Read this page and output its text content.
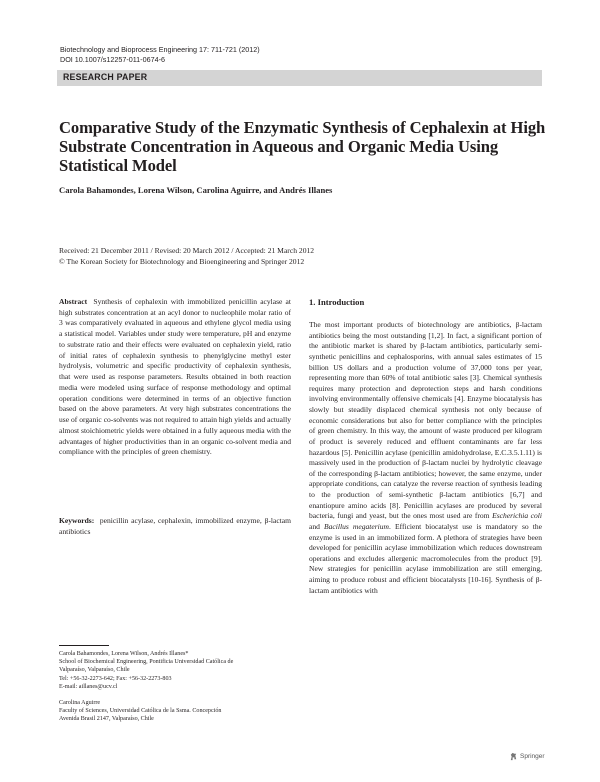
Biotechnology and Bioprocess Engineering 17: 711-721 (2012)
DOI 10.1007/s12257-011-0674-6
RESEARCH PAPER
Comparative Study of the Enzymatic Synthesis of Cephalexin at High Substrate Concentration in Aqueous and Organic Media Using Statistical Model
Carola Bahamondes, Lorena Wilson, Carolina Aguirre, and Andrés Illanes
Received: 21 December 2011 / Revised: 20 March 2012 / Accepted: 21 March 2012
© The Korean Society for Biotechnology and Bioengineering and Springer 2012
Abstract Synthesis of cephalexin with immobilized penicillin acylase at high substrates concentration at an acyl donor to nucleophile molar ratio of 3 was comparatively evaluated in aqueous and ethylene glycol media using a statistical model. Variables under study were temperature, pH and enzyme to substrate ratio and their effects were evaluated on cephalexin yield, ratio of initial rates of cephalexin synthesis to phenylglycine methyl ester hydrolysis, volumetric and specific productivity of cephalexin synthesis, that were used as response parameters. Results obtained in both reaction media were modeled using surface of response methodology and optimal operation conditions were determined in terms of an objective function based on the above parameters. At very high substrates concentrations the use of organic co-solvents was not required to attain high yields and actually almost stoichiometric yields were obtained in a fully aqueous media with the advantages of higher productivities than in an organic co-solvent media and compliance with the principles of green chemistry.
Keywords: penicillin acylase, cephalexin, immobilized enzyme, β-lactam antibiotics

Carola Bahamondes, Lorena Wilson, Andrés Illanes*

School of Biochemical Engineering, Pontificia Universidad Católica de

Valparaíso, Valparaíso, Chile

Tel: +56-32-2273-642; Fax: +56-32-2273-803

E-mail: aillanes@ucv.cl

Carolina Aguirre

Faculty of Sciences, Universidad Católica de la Ssma. Concepción

Avenida Brasil 2147, Valparaíso, Chile

1. Introduction
The most important products of biotechnology are antibiotics, β-lactam antibiotics being the most outstanding [1,2]. In fact, a significant portion of the antibiotic market is shared by β-lactam antibiotics, particularly semi-synthetic penicillins and cephalosporins, with annual sales estimates of 15 billion US dollars and a production volume of 37,000 tons per year, representing more than 60% of total antibiotic sales [3]. Chemical synthesis requires many protection and deprotection steps and harsh conditions involving environmentally offensive chemicals [4]. Enzyme biocatalysis has slowly but steadily displaced chemical synthesis not only because of economic considerations but also for better compliance with the principles of green chemistry. In this way, the amount of waste produced per kilogram of product is severely reduced and effluent contaminants are far less hazardous [5]. Penicillin acylase (penicillin amidohydrolase, E.C.3.5.1.11) is massively used in the production of β-lactam nuclei by hydrolytic cleavage of the corresponding β-lactam antibiotics; however, the same enzyme, under appropriate conditions, can catalyze the reverse reaction of synthesis leading to the production of semi-synthetic β-lactam antibiotics [6,7] and enantiopure amino acids [8]. Penicillin acylases are produced by several bacteria, fungi and yeast, but the ones most used are from Escherichia coli and Bacillus megaterium. Efficient biocatalyst use is mandatory so the enzyme is used in an immobilized form. A plethora of strategies have been developed for penicillin acylase immobilization which reduces downstream operations and excludes allergenic macromolecules from the product [9]. New strategies for penicillin acylase immobilization are still emerging, aiming to produce robust and efficient biocatalysts [10-16]. Synthesis of β-lactam antibiotics with
Springer
